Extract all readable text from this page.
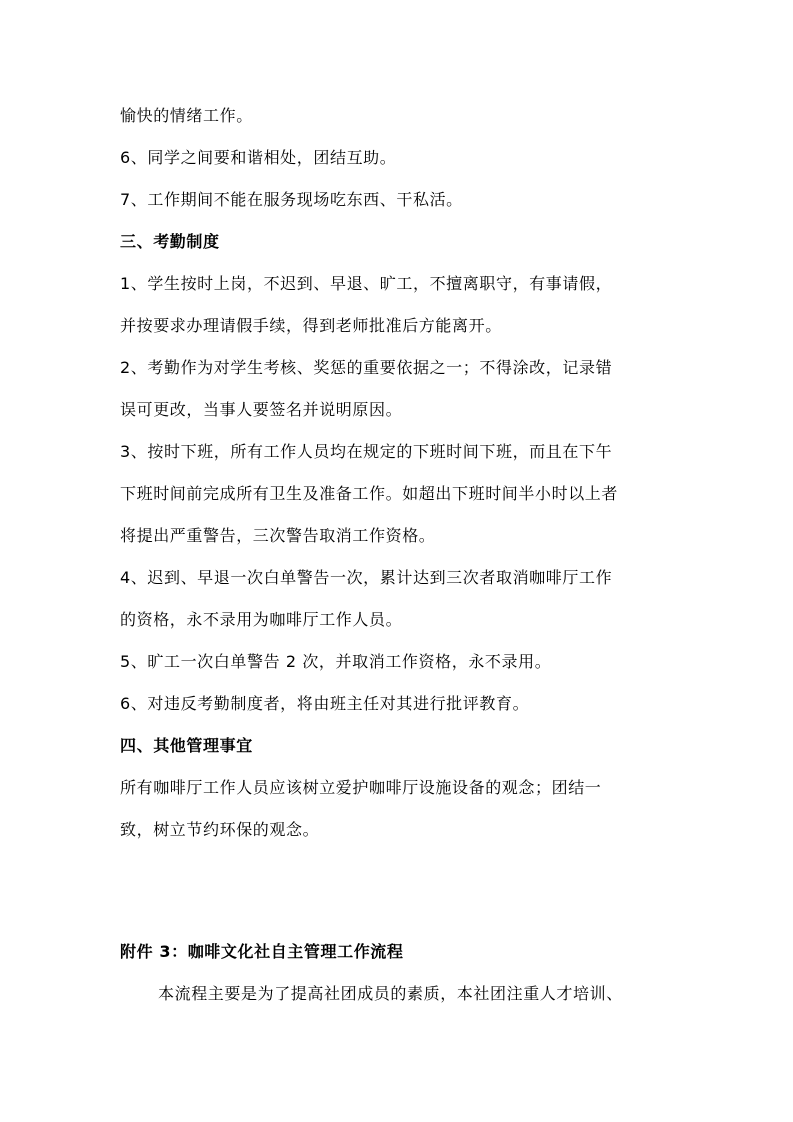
愉快的情绪工作。
6、同学之间要和谐相处，团结互助。
7、工作期间不能在服务现场吃东西、干私活。
三、考勤制度
1、学生按时上岗，不迟到、早退、旷工，不擅离职守，有事请假，
并按要求办理请假手续，得到老师批准后方能离开。
2、考勤作为对学生考核、奖惩的重要依据之一；不得涂改，记录错
误可更改，当事人要签名并说明原因。
3、按时下班，所有工作人员均在规定的下班时间下班，而且在下午
下班时间前完成所有卫生及准备工作。如超出下班时间半小时以上者
将提出严重警告，三次警告取消工作资格。
4、迟到、早退一次白单警告一次，累计达到三次者取消咖啡厅工作
的资格，永不录用为咖啡厅工作人员。
5、旷工一次白单警告 2 次，并取消工作资格，永不录用。
6、对违反考勤制度者，将由班主任对其进行批评教育。
四、其他管理事宜
所有咖啡厅工作人员应该树立爱护咖啡厅设施设备的观念；团结一
致，树立节约环保的观念。
附件 3：咖啡文化社自主管理工作流程
本流程主要是为了提高社团成员的素质，本社团注重人才培训、
